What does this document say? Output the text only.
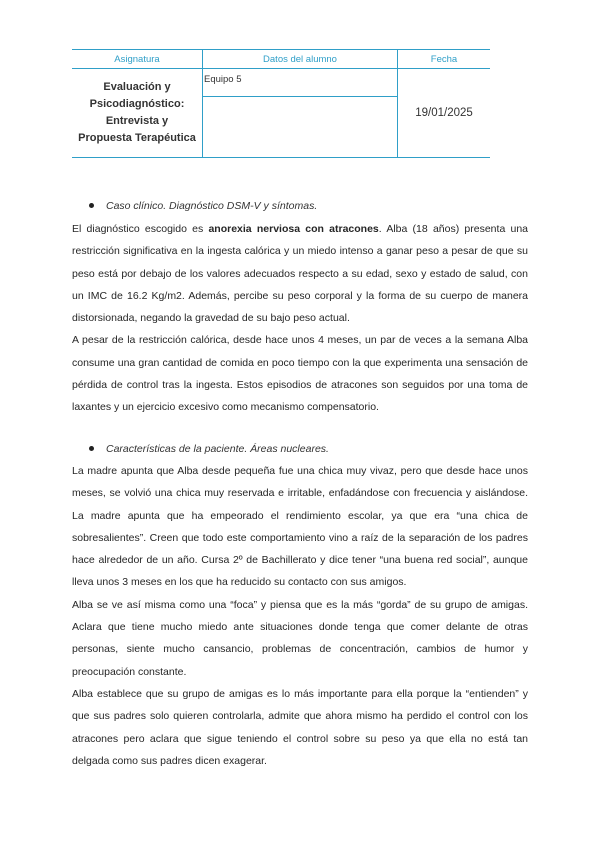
Asignatura	Datos del alumno	Fecha

Evaluación y Psicodiagnóstico: Entrevista y Propuesta Terapéutica	Equipo 5	19/01/2025
Caso clínico. Diagnóstico DSM-V y síntomas.

El diagnóstico escogido es anorexia nerviosa con atracones. Alba (18 años) presenta una restricción significativa en la ingesta calórica y un miedo intenso a ganar peso a pesar de que su peso está por debajo de los valores adecuados respecto a su edad, sexo y estado de salud, con un IMC de 16.2 Kg/m2. Además, percibe su peso corporal y la forma de su cuerpo de manera distorsionada, negando la gravedad de su bajo peso actual.

A pesar de la restricción calórica, desde hace unos 4 meses, un par de veces a la semana Alba consume una gran cantidad de comida en poco tiempo con la que experimenta una sensación de pérdida de control tras la ingesta. Estos episodios de atracones son seguidos por una toma de laxantes y un ejercicio excesivo como mecanismo compensatorio.

Características de la paciente. Áreas nucleares.

La madre apunta que Alba desde pequeña fue una chica muy vivaz, pero que desde hace unos meses, se volvió una chica muy reservada e irritable, enfadándose con frecuencia y aislándose. La madre apunta que ha empeorado el rendimiento escolar, ya que era “una chica de sobresalientes”. Creen que todo este comportamiento vino a raíz de la separación de los padres hace alrededor de un año. Cursa 2º de Bachillerato y dice tener “una buena red social”, aunque lleva unos 3 meses en los que ha reducido su contacto con sus amigos.

Alba se ve así misma como una “foca” y piensa que es la más “gorda” de su grupo de amigas. Aclara que tiene mucho miedo ante situaciones donde tenga que comer delante de otras personas, siente mucho cansancio, problemas de concentración, cambios de humor y preocupación constante.

Alba establece que su grupo de amigas es lo más importante para ella porque la “entienden” y que sus padres solo quieren controlarla, admite que ahora mismo ha perdido el control con los atracones pero aclara que sigue teniendo el control sobre su peso ya que ella no está tan delgada como sus padres dicen exagerar.
